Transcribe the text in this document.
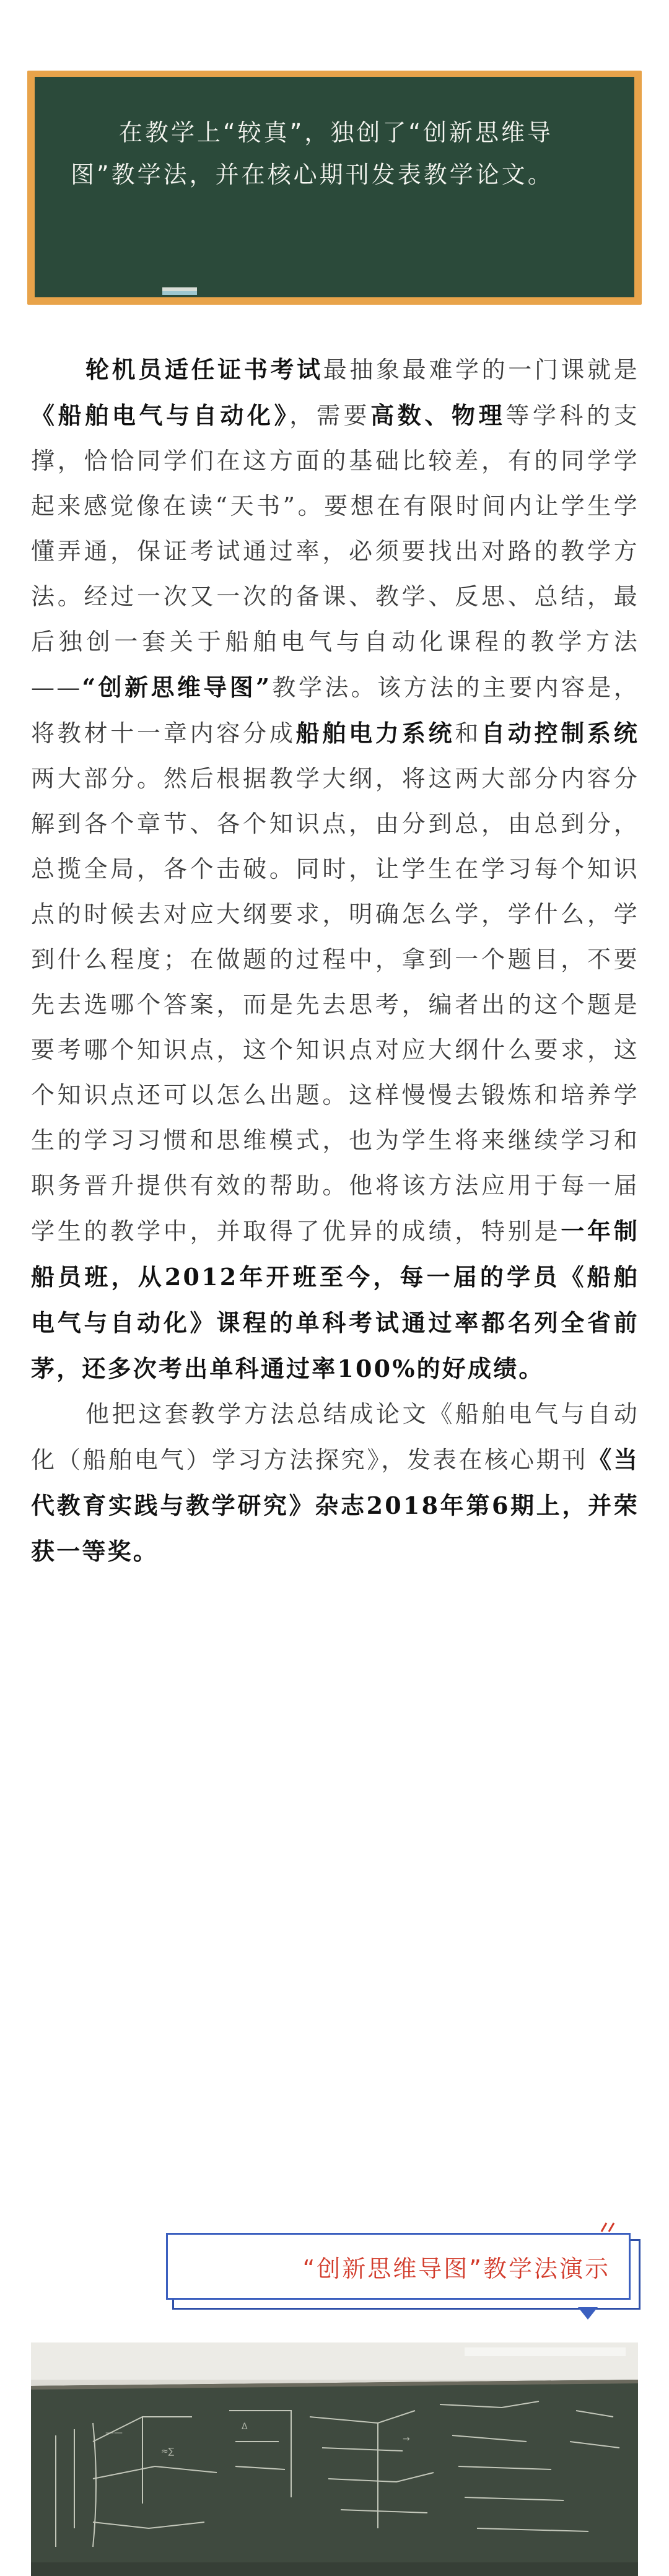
在教学上“较真”，独创了“创新思维导图”教学法，并在核心期刊发表教学论文。

轮机员适任证书考试最抽象最难学的一门课就是《船舶电气与自动化》，需要高数、物理等学科的支撑，恰恰同学们在这方面的基础比较差，有的同学学起来感觉像在读“天书”。要想在有限时间内让学生学懂弄通，保证考试通过率，必须要找出对路的教学方法。经过一次又一次的备课、教学、反思、总结，最后独创一套关于船舶电气与自动化课程的教学方法——“创新思维导图”教学法。该方法的主要内容是，将教材十一章内容分成船舶电力系统和自动控制系统两大部分。然后根据教学大纲，将这两大部分内容分解到各个章节、各个知识点，由分到总，由总到分，总揽全局，各个击破。同时，让学生在学习每个知识点的时候去对应大纲要求，明确怎么学，学什么，学到什么程度；在做题的过程中，拿到一个题目，不要先去选哪个答案，而是先去思考，编者出的这个题是要考哪个知识点，这个知识点对应大纲什么要求，这个知识点还可以怎么出题。这样慢慢去锻炼和培养学生的学习习惯和思维模式，也为学生将来继续学习和职务晋升提供有效的帮助。他将该方法应用于每一届学生的教学中，并取得了优异的成绩，特别是一年制船员班，从2012年开班至今，每一届的学员《船舶电气与自动化》课程的单科考试通过率都名列全省前茅，还多次考出单科通过率100%的好成绩。

他把这套教学方法总结成论文《船舶电气与自动化（船舶电气）学习方法探究》，发表在核心期刊《当代教育实践与教学研究》杂志2018年第6期上，并荣获一等奖。

“创新思维导图”教学法演示
——
≈∑
Δ
→
